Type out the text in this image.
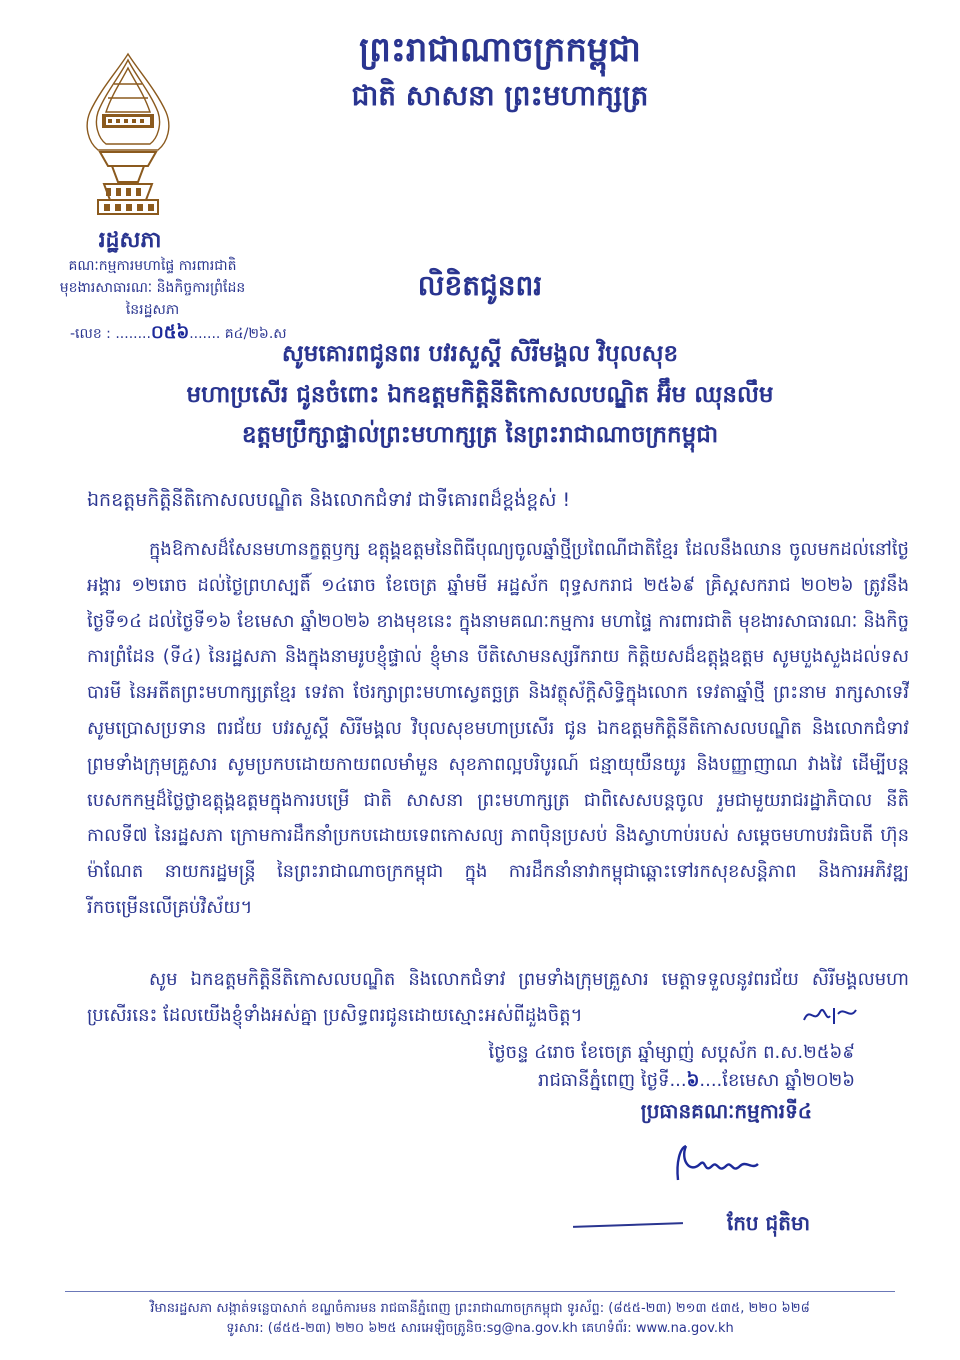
ព្រះរាជាណាចក្រកម្ពុជា
ជាតិ សាសនា ព្រះមហាក្សត្រ
រដ្ឋសភា
គណៈកម្មការមហាផ្ទៃ ការពារជាតិ
មុខងារសាធារណៈ និងកិច្ចការព្រំដែន
នៃរដ្ឋសភា
-លេខ : ........០៥៦....... គ៤/២៦.ស
លិខិតជូនពរ
សូមគោរពជូនពរ បវរសួស្តី សិរីមង្គល វិបុលសុខ
មហាប្រសើរ ជូនចំពោះ ឯកឧត្តមកិត្តិនីតិកោសលបណ្ឌិត អ៊ឹម ឈុនលឹម
ឧត្តមប្រឹក្សាផ្ទាល់ព្រះមហាក្សត្រ នៃព្រះរាជាណាចក្រកម្ពុជា
ឯកឧត្តមកិត្តិនីតិកោសលបណ្ឌិត និងលោកជំទាវ ជាទីគោរពដ៏ខ្ពង់ខ្ពស់ !
ក្នុងឱកាសដ៏សែនមហានក្ខត្តឫក្ស ឧត្តុង្គឧត្តមនៃពិធីបុណ្យចូលឆ្នាំថ្មីប្រពៃណីជាតិខ្មែរ ដែលនឹងឈាន ចូលមកដល់នៅថ្ងៃអង្គារ ១២រោច ដល់ថ្ងៃព្រហស្បតិ៍ ១៤រោច ខែចេត្រ ឆ្នាំមមី អដ្ឋស័ក ពុទ្ធសករាជ ២៥៦៩ គ្រិស្តសករាជ ២០២៦ ត្រូវនឹងថ្ងៃទី១៤ ដល់ថ្ងៃទី១៦ ខែមេសា ឆ្នាំ២០២៦ ខាងមុខនេះ ក្នុងនាមគណៈកម្មការ មហាផ្ទៃ ការពារជាតិ មុខងារសាធារណៈ និងកិច្ចការព្រំដែន (ទី៤) នៃរដ្ឋសភា និងក្នុងនាមរូបខ្ញុំផ្ទាល់ ខ្ញុំមាន បីតិសោមនស្សរីករាយ កិត្តិយសដ៏ឧត្តុង្គឧត្តម សូមបួងសួងដល់ទសបារមី នៃអតីតព្រះមហាក្សត្រខ្មែរ ទេវតា ថែរក្សាព្រះមហាស្វេតច្ឆត្រ និងវត្ថុស័ក្តិសិទ្ធិក្នុងលោក ទេវតាឆ្នាំថ្មី ព្រះនាម រាក្សសាទេវី សូមប្រោសប្រទាន ពរជ័យ បវរសួស្តី សិរីមង្គល វិបុលសុខមហាប្រសើរ ជូន ឯកឧត្តមកិត្តិនីតិកោសលបណ្ឌិត និងលោកជំទាវ ព្រមទាំងក្រុមគ្រួសារ សូមប្រកបដោយកាយពលមាំមួន សុខភាពល្អបរិបូរណ៍ ជន្មាយុយឺនយូរ និងបញ្ញាញាណ វាងវៃ ដើម្បីបន្តបេសកកម្មដ៏ថ្លៃថ្លាឧត្តុង្គឧត្តមក្នុងការបម្រើ ជាតិ សាសនា ព្រះមហាក្សត្រ ជាពិសេសបន្តចូល រួមជាមួយរាជរដ្ឋាភិបាល នីតិកាលទី៧ នៃរដ្ឋសភា ក្រោមការដឹកនាំប្រកបដោយទេពកោសល្យ ភាពប៉ិនប្រសប់ និងស្វាហាប់របស់ សម្តេចមហាបវរធិបតី ហ៊ុន ម៉ាណែត នាយករដ្ឋមន្ត្រី នៃព្រះរាជាណាចក្រកម្ពុជា ក្នុង ការដឹកនាំនាវាកម្ពុជាឆ្ពោះទៅរកសុខសន្តិភាព និងការអភិវឌ្ឍរីកចម្រើនលើគ្រប់វិស័យ។
សូម ឯកឧត្តមកិត្តិនីតិកោសលបណ្ឌិត និងលោកជំទាវ ព្រមទាំងក្រុមគ្រួសារ មេត្តាទទួលនូវពរជ័យ សិរីមង្គលមហាប្រសើរនេះ ដែលយើងខ្ញុំទាំងអស់គ្នា ប្រសិទ្ធពរជូនដោយស្មោះអស់ពីដួងចិត្ត។
ថ្ងៃចន្ទ ៤រោច ខែចេត្រ ឆ្នាំម្សាញ់ សប្តស័ក ព.ស.២៥៦៩
រាជធានីភ្នំពេញ ថ្ងៃទី...៦....ខែមេសា ឆ្នាំ២០២៦
ប្រធានគណៈកម្មការទី៤
កែប ជុតិមា
វិមានរដ្ឋសភា សង្កាត់ទន្លេបាសាក់ ខណ្ឌចំការមន រាជធានីភ្នំពេញ ព្រះរាជាណាចក្រកម្ពុជា ទូរស័ព្ទ: (៨៥៥-២៣) ២១៣ ៥៣៥, ២២០ ៦២៨
ទូរសារ: (៨៥៥-២៣) ២២០ ៦២៥ សារអេឡិចត្រូនិច:sg@na.gov.kh គេហទំព័រ: www.na.gov.kh
